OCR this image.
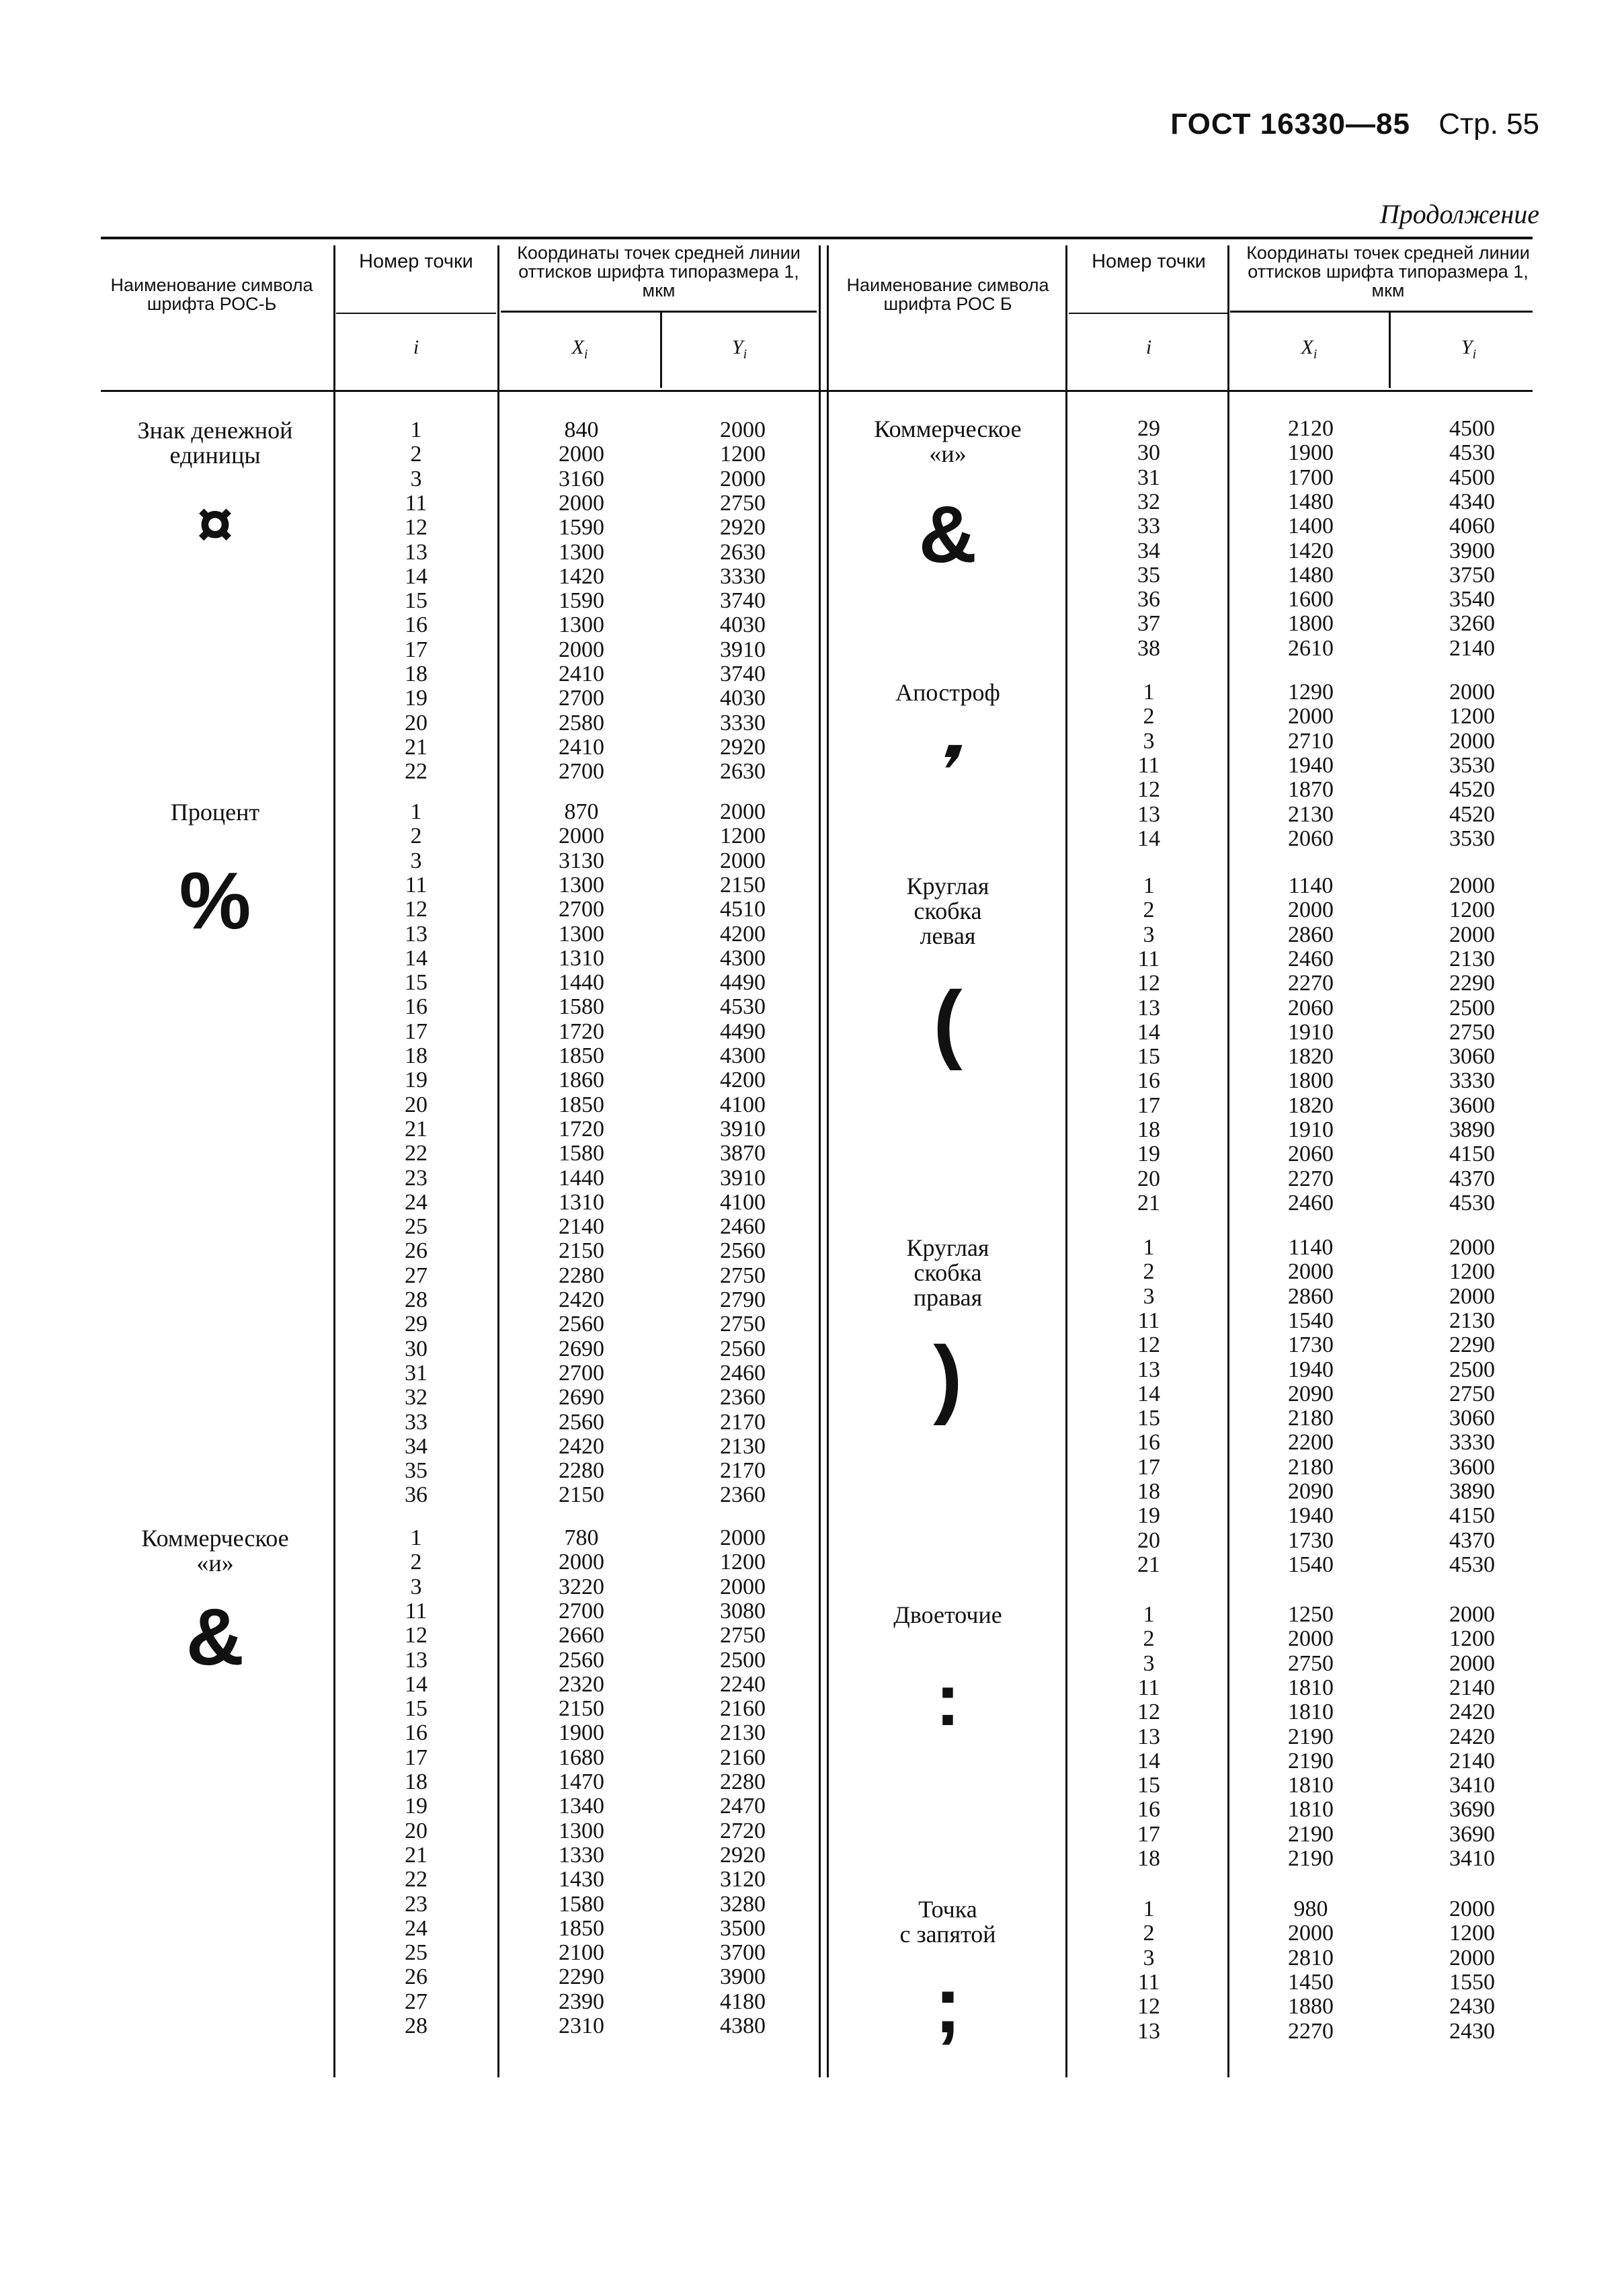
ГОСТ 16330—85 Стр. 55
Продолжение
Наименование символа шрифта РОС-Ь
Номер точки	Координаты точек средней линии оттисков шрифта типоразмера 1, мкм
i	$X_i$	$Y_i$
Наименование символа шрифта РОС Б
Номер точки	Координаты точек средней линии оттисков шрифта типоразмера 1, мкм
i	$X_i$	$Y_i$
Знак денежной
единицы
¤
1	840	2000
2	2000	1200
3	3160	2000
11	2000	2750
12	1590	2920
13	1300	2630
14	1420	3330
15	1590	3740
16	1300	4030
17	2000	3910
18	2410	3740
19	2700	4030
20	2580	3330
21	2410	2920
22	2700	2630
Процент
%
1	870	2000
2	2000	1200
3	3130	2000
11	1300	2150
12	2700	4510
13	1300	4200
14	1310	4300
15	1440	4490
16	1580	4530
17	1720	4490
18	1850	4300
19	1860	4200
20	1850	4100
21	1720	3910
22	1580	3870
23	1440	3910
24	1310	4100
25	2140	2460
26	2150	2560
27	2280	2750
28	2420	2790
29	2560	2750
30	2690	2560
31	2700	2460
32	2690	2360
33	2560	2170
34	2420	2130
35	2280	2170
36	2150	2360
Коммерческое
«и»
&
1	780	2000
2	2000	1200
3	3220	2000
11	2700	3080
12	2660	2750
13	2560	2500
14	2320	2240
15	2150	2160
16	1900	2130
17	1680	2160
18	1470	2280
19	1340	2470
20	1300	2720
21	1330	2920
22	1430	3120
23	1580	3280
24	1850	3500
25	2100	3700
26	2290	3900
27	2390	4180
28	2310	4380
Коммерческое
«и»
&
29	2120	4500
30	1900	4530
31	1700	4500
32	1480	4340
33	1400	4060
34	1420	3900
35	1480	3750
36	1600	3540
37	1800	3260
38	2610	2140
Апостроф
❜
1	1290	2000
2	2000	1200
3	2710	2000
11	1940	3530
12	1870	4520
13	2130	4520
14	2060	3530
Круглая
скобка
левая
(
1	1140	2000
2	2000	1200
3	2860	2000
11	2460	2130
12	2270	2290
13	2060	2500
14	1910	2750
15	1820	3060
16	1800	3330
17	1820	3600
18	1910	3890
19	2060	4150
20	2270	4370
21	2460	4530
Круглая
скобка
правая
)
1	1140	2000
2	2000	1200
3	2860	2000
11	1540	2130
12	1730	2290
13	1940	2500
14	2090	2750
15	2180	3060
16	2200	3330
17	2180	3600
18	2090	3890
19	1940	4150
20	1730	4370
21	1540	4530
Двоеточие
:
1	1250	2000
2	2000	1200
3	2750	2000
11	1810	2140
12	1810	2420
13	2190	2420
14	2190	2140
15	1810	3410
16	1810	3690
17	2190	3690
18	2190	3410
Точка
с запятой
;
1	980	2000
2	2000	1200
3	2810	2000
11	1450	1550
12	1880	2430
13	2270	2430
